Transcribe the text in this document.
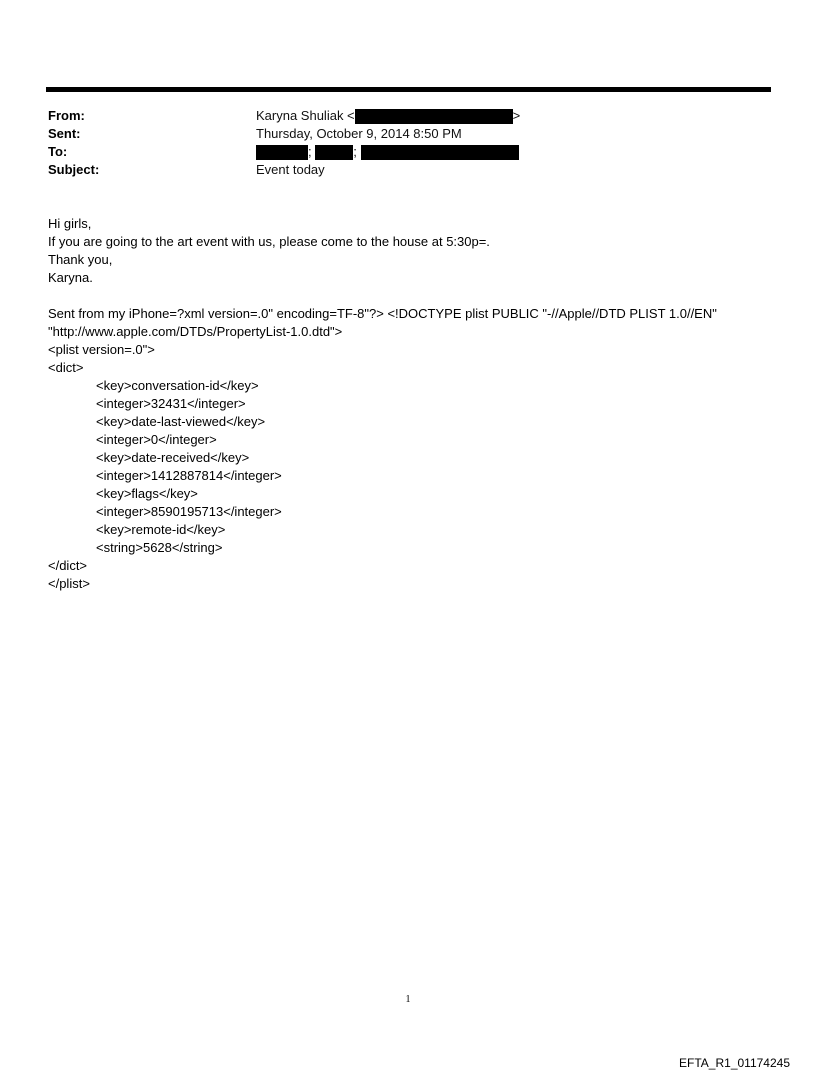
From:	Karyna Shuliak <	>
Sent:	Thursday, October 9, 2014 8:50 PM
To:	;	;
Subject:	Event today
Hi girls,
If you are going to the art event with us, please come to the house at 5:30p=.
Thank you,
Karyna.
Sent from my iPhone=?xml version=.0" encoding=TF-8"?> <!DOCTYPE plist PUBLIC "-//Apple//DTD PLIST 1.0//EN"
"http://www.apple.com/DTDs/PropertyList-1.0.dtd">
<plist version=.0">
<dict>
<key>conversation-id</key>
<integer>32431</integer>
<key>date-last-viewed</key>
<integer>0</integer>
<key>date-received</key>
<integer>1412887814</integer>
<key>flags</key>
<integer>8590195713</integer>
<key>remote-id</key>
<string>5628</string>
</dict>
</plist>
1
EFTA_R1_01174245
